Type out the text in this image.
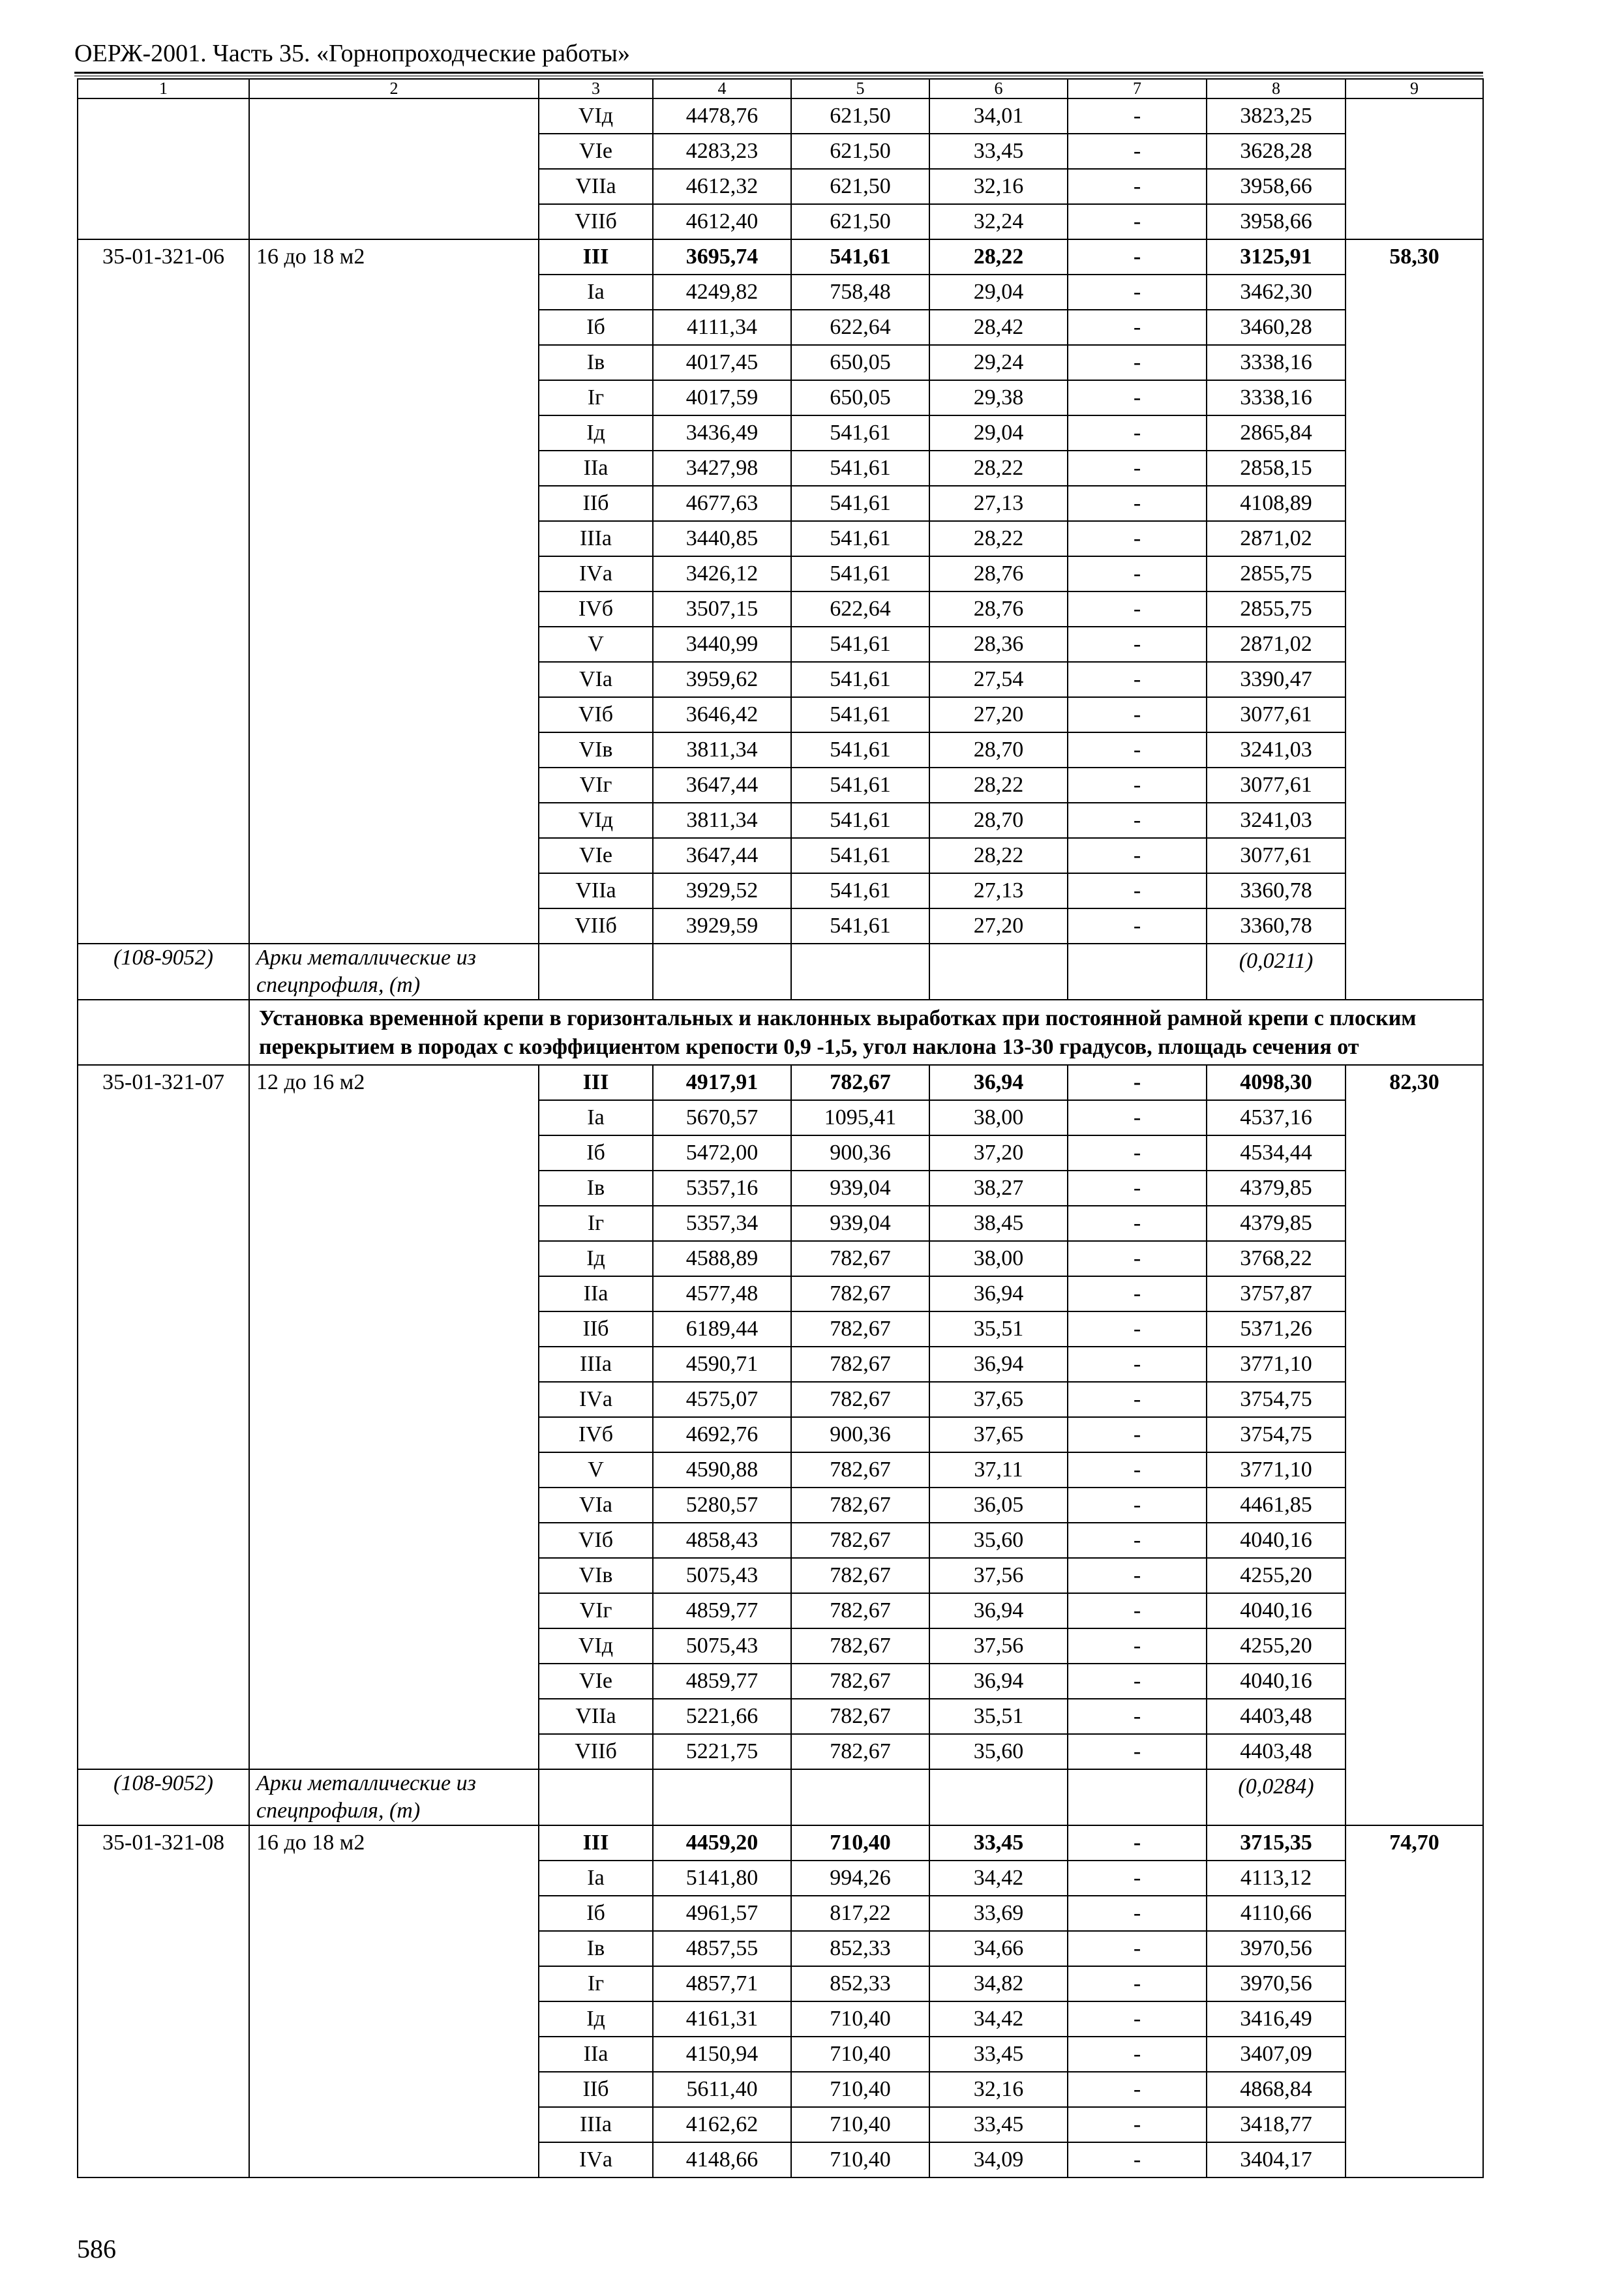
ОЕРЖ-2001. Часть 35. «Горнопроходческие работы»
1	2	3	4	5	6	7	8	9
		VIд	4478,76	621,50	34,01	-	3823,25	
		VIе	4283,23	621,50	33,45	-	3628,28	
		VIIа	4612,32	621,50	32,16	-	3958,66	
		VIIб	4612,40	621,50	32,24	-	3958,66	
35-01-321-06	16 до 18 м2	III	3695,74	541,61	28,22	-	3125,91	58,30
		Iа	4249,82	758,48	29,04	-	3462,30	
		Iб	4111,34	622,64	28,42	-	3460,28	
		Iв	4017,45	650,05	29,24	-	3338,16	
		Iг	4017,59	650,05	29,38	-	3338,16	
		Iд	3436,49	541,61	29,04	-	2865,84	
		IIа	3427,98	541,61	28,22	-	2858,15	
		IIб	4677,63	541,61	27,13	-	4108,89	
		IIIа	3440,85	541,61	28,22	-	2871,02	
		IVа	3426,12	541,61	28,76	-	2855,75	
		IVб	3507,15	622,64	28,76	-	2855,75	
		V	3440,99	541,61	28,36	-	2871,02	
		VIа	3959,62	541,61	27,54	-	3390,47	
		VIб	3646,42	541,61	27,20	-	3077,61	
		VIв	3811,34	541,61	28,70	-	3241,03	
		VIг	3647,44	541,61	28,22	-	3077,61	
		VIд	3811,34	541,61	28,70	-	3241,03	
		VIе	3647,44	541,61	28,22	-	3077,61	
		VIIа	3929,52	541,61	27,13	-	3360,78	
		VIIб	3929,59	541,61	27,20	-	3360,78	
(108-9052)	Арки металлические из спецпрофиля, (т)						(0,0211)	
	Установка временной крепи в горизонтальных и наклонных выработках при постоянной рамной крепи с плоским перекрытием в породах с коэффициентом крепости 0,9 -1,5, угол наклона 13-30 градусов, площадь сечения от							
35-01-321-07	12 до 16 м2	III	4917,91	782,67	36,94	-	4098,30	82,30
		Iа	5670,57	1095,41	38,00	-	4537,16	
		Iб	5472,00	900,36	37,20	-	4534,44	
		Iв	5357,16	939,04	38,27	-	4379,85	
		Iг	5357,34	939,04	38,45	-	4379,85	
		Iд	4588,89	782,67	38,00	-	3768,22	
		IIа	4577,48	782,67	36,94	-	3757,87	
		IIб	6189,44	782,67	35,51	-	5371,26	
		IIIа	4590,71	782,67	36,94	-	3771,10	
		IVа	4575,07	782,67	37,65	-	3754,75	
		IVб	4692,76	900,36	37,65	-	3754,75	
		V	4590,88	782,67	37,11	-	3771,10	
		VIа	5280,57	782,67	36,05	-	4461,85	
		VIб	4858,43	782,67	35,60	-	4040,16	
		VIв	5075,43	782,67	37,56	-	4255,20	
		VIг	4859,77	782,67	36,94	-	4040,16	
		VIд	5075,43	782,67	37,56	-	4255,20	
		VIе	4859,77	782,67	36,94	-	4040,16	
		VIIа	5221,66	782,67	35,51	-	4403,48	
		VIIб	5221,75	782,67	35,60	-	4403,48	
(108-9052)	Арки металлические из спецпрофиля, (т)						(0,0284)	
35-01-321-08	16 до 18 м2	III	4459,20	710,40	33,45	-	3715,35	74,70
		Iа	5141,80	994,26	34,42	-	4113,12	
		Iб	4961,57	817,22	33,69	-	4110,66	
		Iв	4857,55	852,33	34,66	-	3970,56	
		Iг	4857,71	852,33	34,82	-	3970,56	
		Iд	4161,31	710,40	34,42	-	3416,49	
		IIа	4150,94	710,40	33,45	-	3407,09	
		IIб	5611,40	710,40	32,16	-	4868,84	
		IIIа	4162,62	710,40	33,45	-	3418,77	
		IVа	4148,66	710,40	34,09	-	3404,17	
586
